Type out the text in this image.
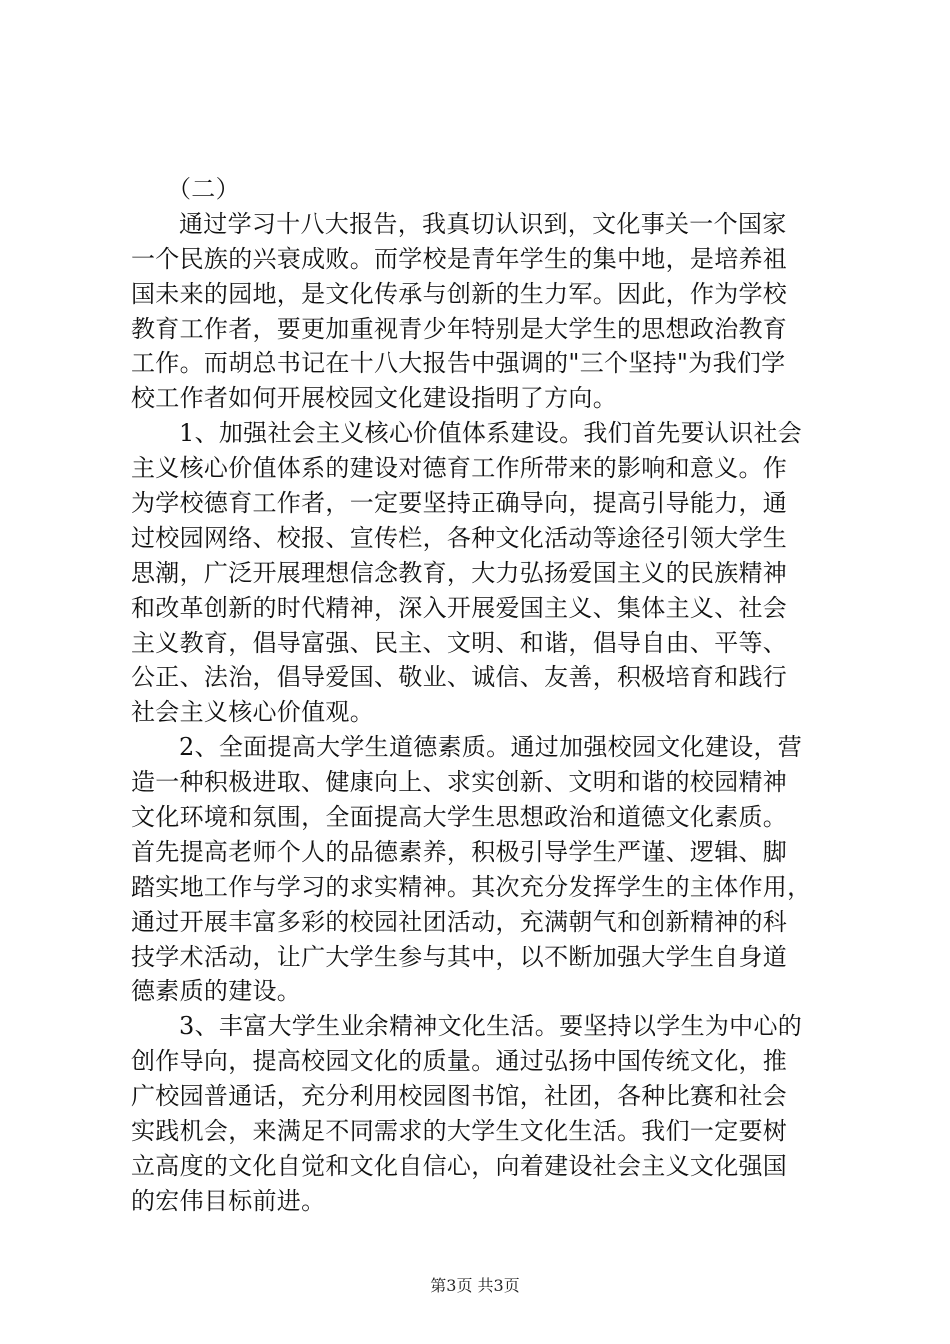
（二）
通过学习十八大报告，我真切认识到，文化事关一个国家
一个民族的兴衰成败。而学校是青年学生的集中地，是培养祖
国未来的园地，是文化传承与创新的生力军。因此，作为学校
教育工作者，要更加重视青少年特别是大学生的思想政治教育
工作。而胡总书记在十八大报告中强调的"三个坚持"为我们学
校工作者如何开展校园文化建设指明了方向。
1、加强社会主义核心价值体系建设。我们首先要认识社会
主义核心价值体系的建设对德育工作所带来的影响和意义。作
为学校德育工作者，一定要坚持正确导向，提高引导能力，通
过校园网络、校报、宣传栏，各种文化活动等途径引领大学生
思潮，广泛开展理想信念教育，大力弘扬爱国主义的民族精神
和改革创新的时代精神，深入开展爱国主义、集体主义、社会
主义教育，倡导富强、民主、文明、和谐，倡导自由、平等、
公正、法治，倡导爱国、敬业、诚信、友善，积极培育和践行
社会主义核心价值观。
2、全面提高大学生道德素质。通过加强校园文化建设，营
造一种积极进取、健康向上、求实创新、文明和谐的校园精神
文化环境和氛围，全面提高大学生思想政治和道德文化素质。
首先提高老师个人的品德素养，积极引导学生严谨、逻辑、脚
踏实地工作与学习的求实精神。其次充分发挥学生的主体作用，
通过开展丰富多彩的校园社团活动，充满朝气和创新精神的科
技学术活动，让广大学生参与其中，以不断加强大学生自身道
德素质的建设。
3、丰富大学生业余精神文化生活。要坚持以学生为中心的
创作导向，提高校园文化的质量。通过弘扬中国传统文化，推
广校园普通话，充分利用校园图书馆，社团，各种比赛和社会
实践机会，来满足不同需求的大学生文化生活。我们一定要树
立高度的文化自觉和文化自信心，向着建设社会主义文化强国
的宏伟目标前进。
第3页 共3页
